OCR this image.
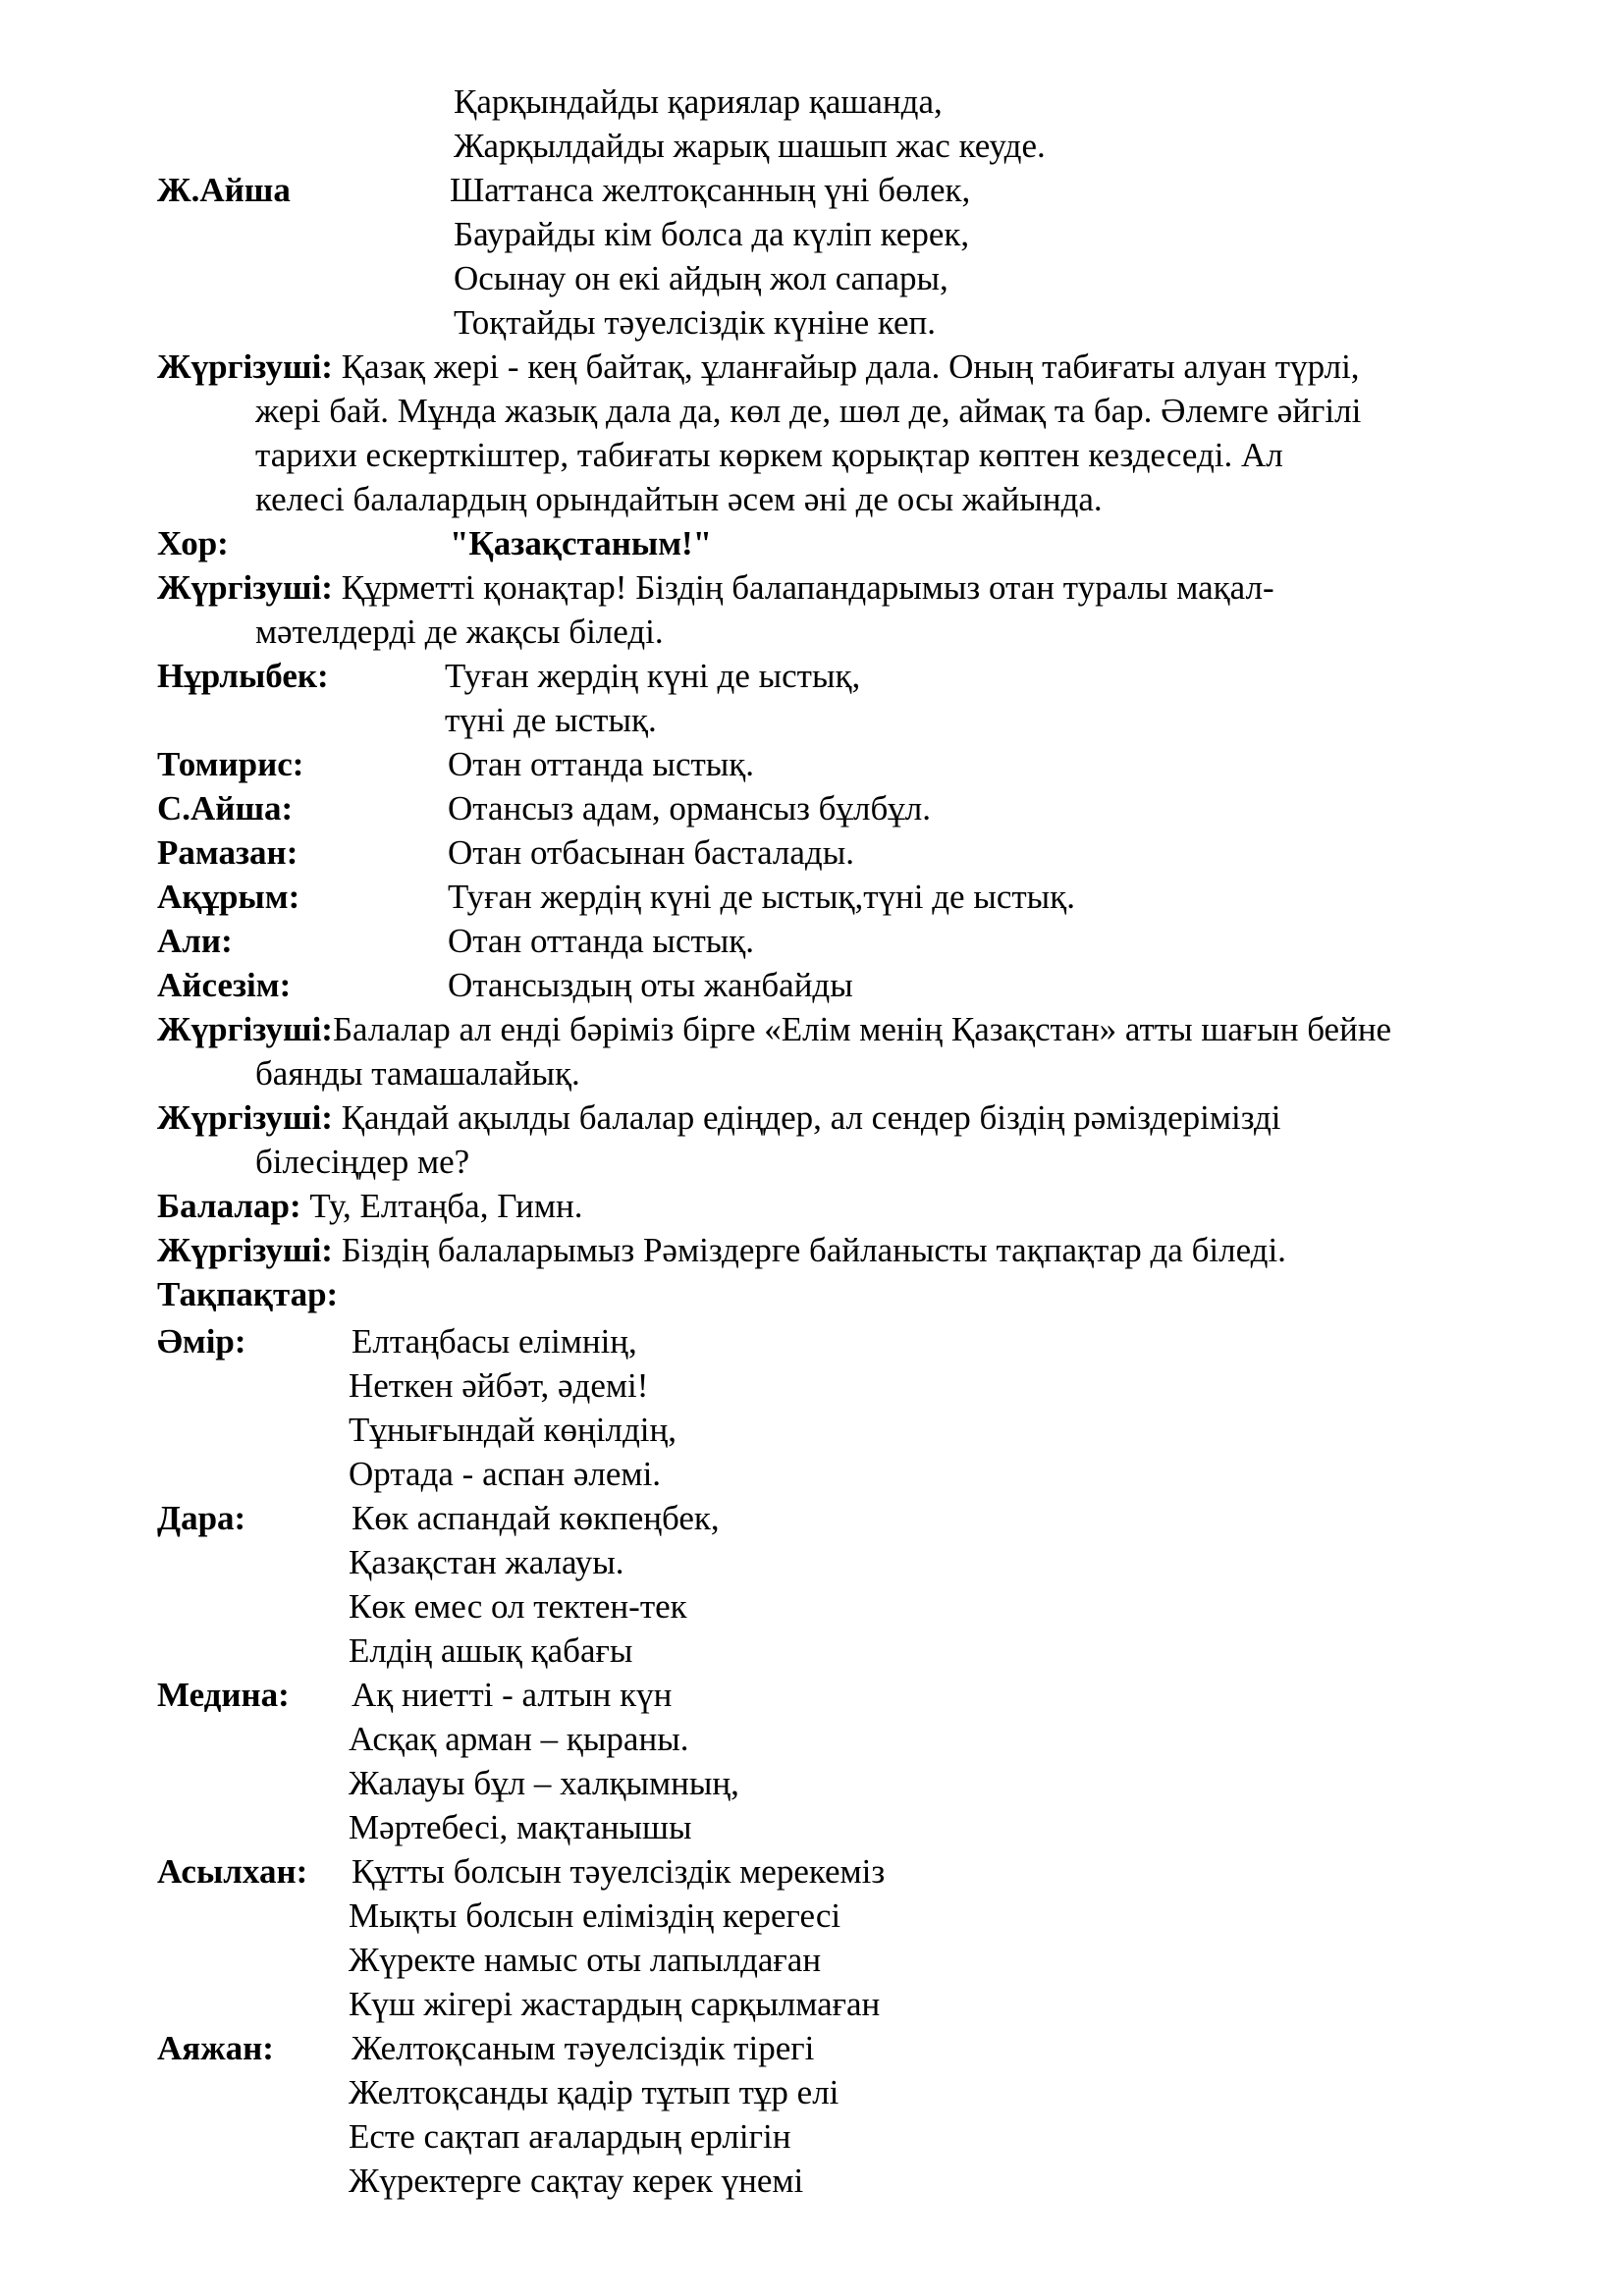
Қарқындайды қариялар қашанда,
Жарқылдайды жарық шашып жас кеуде.
Ж.Айша	Шаттанса желтоқсанның үні бөлек,
Баурайды кім болса да күліп керек,
Осынау он екі айдың жол сапары,
Тоқтайды тәуелсіздік күніне кеп.
Жүргізуші: Қазақ жері - кең байтақ, ұланғайыр дала. Оның табиғаты алуан түрлі,
жері бай. Мұнда жазық дала да, көл де, шөл де, аймақ та бар. Әлемге әйгілі
тарихи ескерткіштер, табиғаты көркем қорықтар көптен кездеседі. Ал
келесі балалардың орындайтын әсем әні де осы жайында.
Хор:	"Қазақстаным!"
Жүргізуші: Құрметті қонақтар! Біздің балапандарымыз отан туралы мақал-
мәтелдерді де жақсы біледі.
Нұрлыбек:	Туған жердің күні де ыстық,
түні де ыстық.
Томирис:	Отан оттанда ыстық.
С.Айша:	Отансыз адам, ормансыз бұлбұл.
Рамазан:	Отан отбасынан басталады.
Ақұрым:	Туған жердің күні де ыстық,түні де ыстық.
Али:	Отан оттанда ыстық.
Айсезім:	Отансыздың оты жанбайды
Жүргізуші:Балалар ал енді бәріміз бірге «Елім менің Қазақстан» атты шағын бейне
баянды тамашалайық.
Жүргізуші: Қандай ақылды балалар едіңдер, ал сендер біздің рәміздерімізді
білесіңдер ме?
Балалар: Ту, Елтаңба, Гимн.
Жүргізуші: Біздің балаларымыз Рәміздерге байланысты тақпақтар да біледі.
Тақпақтар:
Әмір:	Елтаңбасы елімнің,
Неткен әйбәт, әдемі!
Тұнығындай көңілдің,
Ортада - аспан әлемі.
Дара:	Көк аспандай көкпеңбек,
Қазақстан жалауы.
Көк емес ол тектен-тек
Елдің ашық қабағы
Медина: Ақ ниетті - алтын күн
Асқақ арман – қыраны.
Жалауы бұл – халқымның,
Мәртебесі, мақтанышы
Асылхан: Құтты болсын тәуелсіздік мерекеміз
Мықты болсын еліміздің керегесі
Жүректе намыс оты лапылдаған
Күш жігері жастардың сарқылмаған
Аяжан: Желтоқсаным тәуелсіздік тірегі
Желтоқсанды қадір тұтып тұр елі
Есте сақтап ағалардың ерлігін
Жүректерге сақтау керек үнемі
